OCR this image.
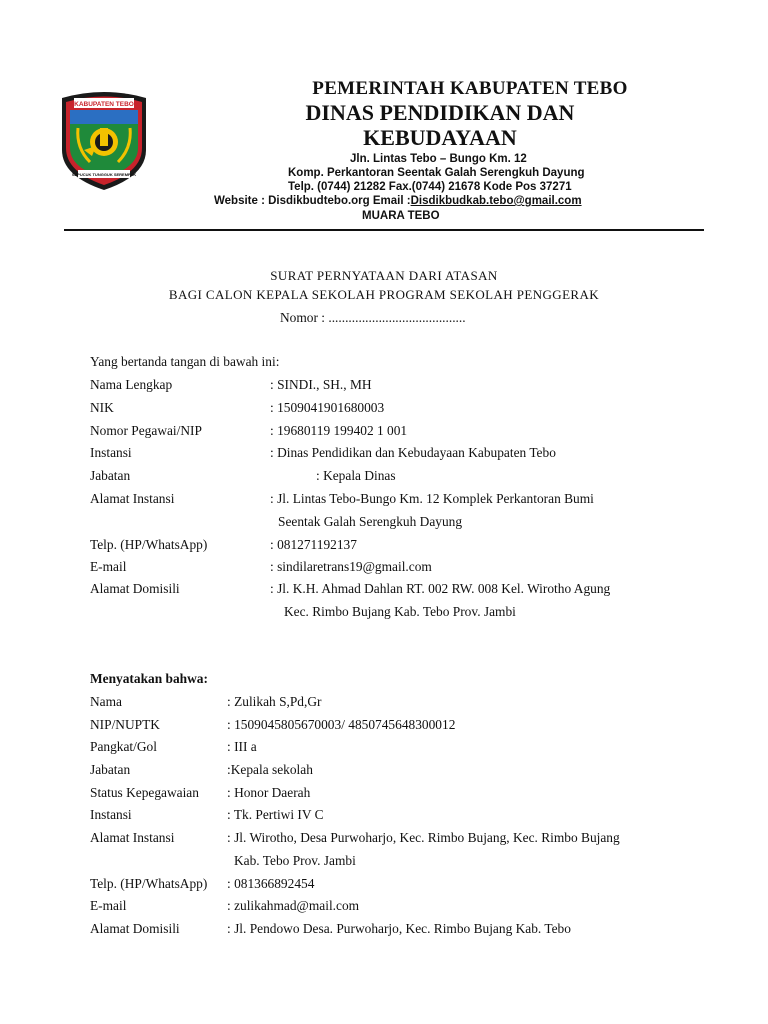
KABUPATEN TEBO
SEPUCUK TUNGGUK SEREMPAK
PEMERINTAH KABUPATEN TEBO
DINAS PENDIDIKAN DAN
KEBUDAYAAN
Jln. Lintas Tebo – Bungo Km. 12
Komp. Perkantoran Seentak Galah Serengkuh Dayung
Telp. (0744) 21282 Fax.(0744) 21678 Kode Pos 37271
Website : Disdikbudtebo.org Email :Disdikbudkab.tebo@gmail.com
MUARA TEBO
SURAT PERNYATAAN DARI ATASAN
BAGI CALON KEPALA SEKOLAH PROGRAM SEKOLAH PENGGERAK
Nomor : .........................................
Yang bertanda tangan di bawah ini:
Nama Lengkap	: SINDI., SH., MH
NIK	: 1509041901680003
Nomor Pegawai/NIP	: 19680119 199402 1 001
Instansi	: Dinas Pendidikan dan Kebudayaan Kabupaten Tebo
Jabatan	: Kepala Dinas
Alamat Instansi	: Jl. Lintas Tebo-Bungo Km. 12 Komplek Perkantoran Bumi
Seentak Galah Serengkuh Dayung
Telp. (HP/WhatsApp)	: 081271192137
E-mail	: sindilaretrans19@gmail.com
Alamat Domisili	: Jl. K.H. Ahmad Dahlan RT. 002 RW. 008 Kel. Wirotho Agung
Kec. Rimbo Bujang Kab. Tebo Prov. Jambi
Menyatakan bahwa:
Nama	: Zulikah S,Pd,Gr
NIP/NUPTK	: 1509045805670003/ 4850745648300012
Pangkat/Gol	: III a
Jabatan	:Kepala sekolah
Status Kepegawaian : Honor Daerah
Instansi	: Tk. Pertiwi IV C
Alamat Instansi	: Jl. Wirotho, Desa Purwoharjo, Kec. Rimbo Bujang, Kec. Rimbo Bujang
Kab. Tebo Prov. Jambi
Telp. (HP/WhatsApp) : 081366892454
E-mail	: zulikahmad@mail.com
Alamat Domisili	: Jl. Pendowo Desa. Purwoharjo, Kec. Rimbo Bujang Kab. Tebo
